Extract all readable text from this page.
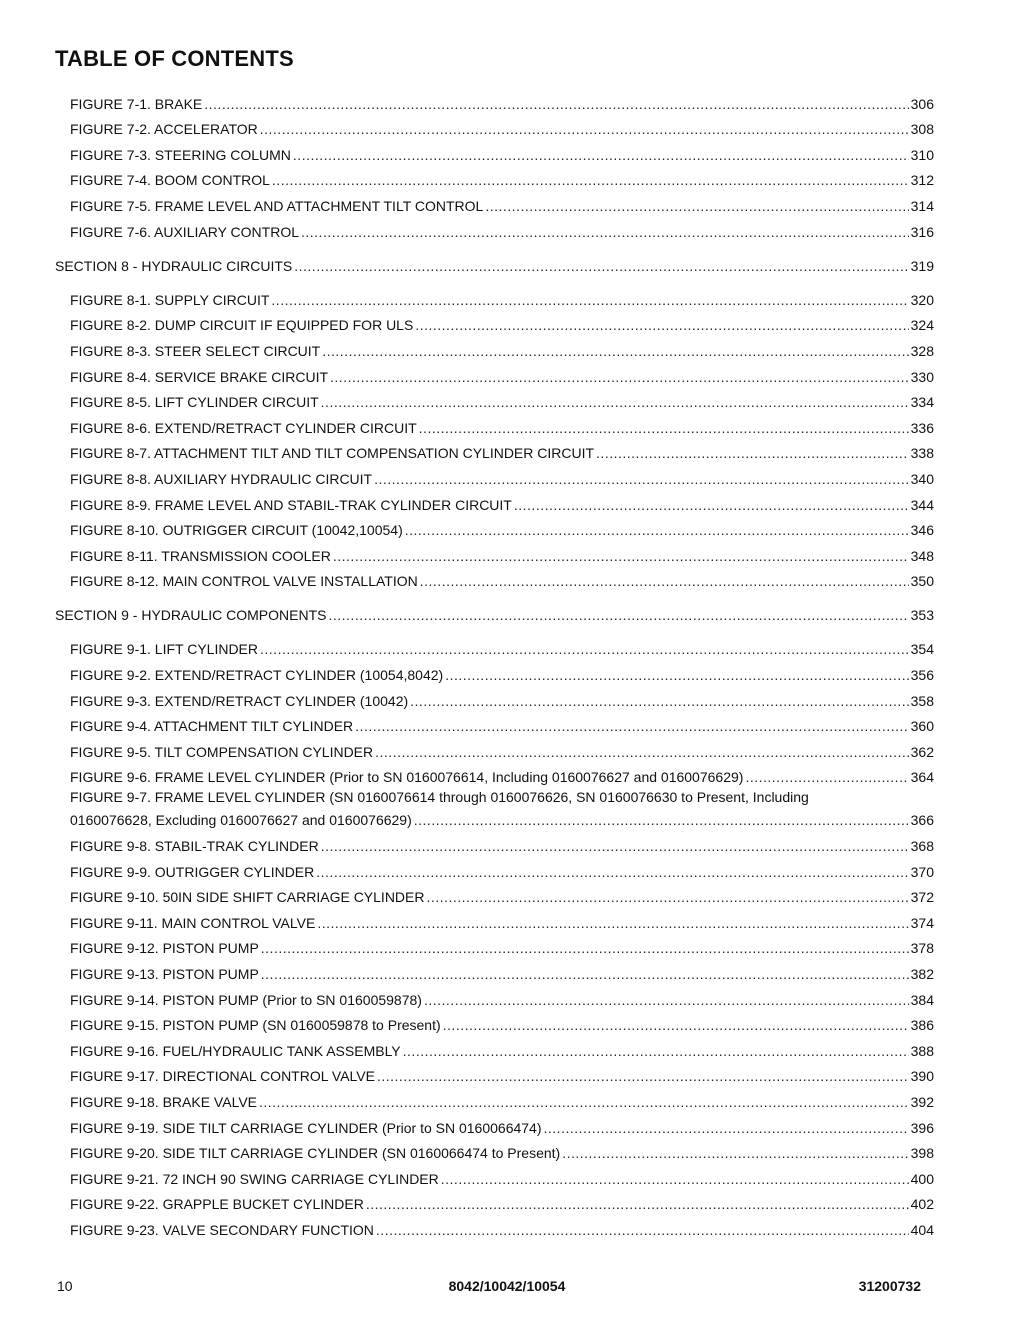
TABLE OF CONTENTS
FIGURE 7-1. BRAKE .....	306
FIGURE 7-2. ACCELERATOR .....	308
FIGURE 7-3. STEERING COLUMN .....	310
FIGURE 7-4. BOOM CONTROL .....	312
FIGURE 7-5. FRAME LEVEL AND ATTACHMENT TILT CONTROL .....	314
FIGURE 7-6. AUXILIARY CONTROL .....	316
SECTION 8 - HYDRAULIC CIRCUITS .....	319
FIGURE 8-1. SUPPLY CIRCUIT .....	320
FIGURE 8-2. DUMP CIRCUIT IF EQUIPPED FOR ULS .....	324
FIGURE 8-3. STEER SELECT CIRCUIT .....	328
FIGURE 8-4. SERVICE BRAKE CIRCUIT .....	330
FIGURE 8-5. LIFT CYLINDER CIRCUIT .....	334
FIGURE 8-6. EXTEND/RETRACT CYLINDER CIRCUIT .....	336
FIGURE 8-7. ATTACHMENT TILT AND TILT COMPENSATION CYLINDER CIRCUIT .....	338
FIGURE 8-8. AUXILIARY HYDRAULIC CIRCUIT .....	340
FIGURE 8-9. FRAME LEVEL AND STABIL-TRAK CYLINDER CIRCUIT .....	344
FIGURE 8-10. OUTRIGGER CIRCUIT (10042,10054) .....	346
FIGURE 8-11. TRANSMISSION COOLER .....	348
FIGURE 8-12. MAIN CONTROL VALVE INSTALLATION .....	350
SECTION 9 - HYDRAULIC COMPONENTS .....	353
FIGURE 9-1. LIFT CYLINDER .....	354
FIGURE 9-2. EXTEND/RETRACT CYLINDER (10054,8042) .....	356
FIGURE 9-3. EXTEND/RETRACT CYLINDER (10042) .....	358
FIGURE 9-4. ATTACHMENT TILT CYLINDER .....	360
FIGURE 9-5. TILT COMPENSATION CYLINDER .....	362
FIGURE 9-6. FRAME LEVEL CYLINDER (Prior to SN 0160076614, Including 0160076627 and 0160076629) .....	364
FIGURE 9-7. FRAME LEVEL CYLINDER (SN 0160076614 through 0160076626, SN 0160076630 to Present, Including
0160076628, Excluding 0160076627 and 0160076629) .....	366
FIGURE 9-8. STABIL-TRAK CYLINDER .....	368
FIGURE 9-9. OUTRIGGER CYLINDER .....	370
FIGURE 9-10. 50IN SIDE SHIFT CARRIAGE CYLINDER .....	372
FIGURE 9-11. MAIN CONTROL VALVE .....	374
FIGURE 9-12. PISTON PUMP .....	378
FIGURE 9-13. PISTON PUMP .....	382
FIGURE 9-14. PISTON PUMP (Prior to SN 0160059878) .....	384
FIGURE 9-15. PISTON PUMP (SN 0160059878 to Present) .....	386
FIGURE 9-16. FUEL/HYDRAULIC TANK ASSEMBLY .....	388
FIGURE 9-17. DIRECTIONAL CONTROL VALVE .....	390
FIGURE 9-18. BRAKE VALVE .....	392
FIGURE 9-19. SIDE TILT CARRIAGE CYLINDER (Prior to SN 0160066474) .....	396
FIGURE 9-20. SIDE TILT CARRIAGE CYLINDER (SN 0160066474 to Present) .....	398
FIGURE 9-21. 72 INCH 90 SWING CARRIAGE CYLINDER .....	400
FIGURE 9-22. GRAPPLE BUCKET CYLINDER .....	402
FIGURE 9-23. VALVE SECONDARY FUNCTION .....	404
10	8042/10042/10054	31200732
